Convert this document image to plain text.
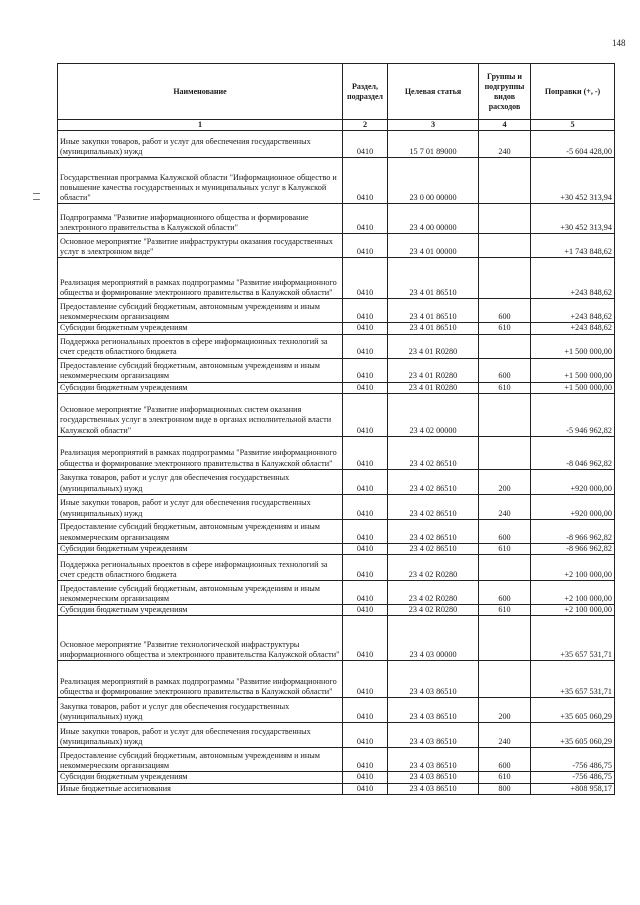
148
Наименование	Раздел, подраздел	Целевая статья	Группы и подгруппы видов расходов	Поправки (+, -)
1	2	3	4	5
Иные закупки товаров, работ и услуг для обеспечения государственных (муниципальных) нужд	0410	15 7 01 89000	240	-5 604 428,00
Государственная программа Калужской области "Информационное общество и повышение качества государственных и муниципальных услуг в Калужской области"	0410	23 0 00 00000		+30 452 313,94
Подпрограмма "Развитие информационного общества и формирование электронного правительства в Калужской области"	0410	23 4 00 00000		+30 452 313,94
Основное мероприятие "Развитие инфраструктуры оказания государственных услуг в электронном виде"	0410	23 4 01 00000		+1 743 848,62
Реализация мероприятий в рамках подпрограммы "Развитие информационного общества и формирование электронного правительства в Калужской области"	0410	23 4 01 86510		+243 848,62
Предоставление субсидий бюджетным, автономным учреждениям и иным некоммерческим организациям	0410	23 4 01 86510	600	+243 848,62
Субсидии бюджетным учреждениям	0410	23 4 01 86510	610	+243 848,62
Поддержка региональных проектов в сфере информационных технологий за счет средств областного бюджета	0410	23 4 01 R0280		+1 500 000,00
Предоставление субсидий бюджетным, автономным учреждениям и иным некоммерческим организациям	0410	23 4 01 R0280	600	+1 500 000,00
Субсидии бюджетным учреждениям	0410	23 4 01 R0280	610	+1 500 000,00
Основное мероприятие "Развитие информационных систем оказания государственных услуг в электронном виде в органах исполнительной власти Калужской области"	0410	23 4 02 00000		-5 946 962,82
Реализация мероприятий в рамках подпрограммы "Развитие информационного общества и формирование электронного правительства в Калужской области"	0410	23 4 02 86510		-8 046 962,82
Закупка товаров, работ и услуг для обеспечения государственных (муниципальных) нужд	0410	23 4 02 86510	200	+920 000,00
Иные закупки товаров, работ и услуг для обеспечения государственных (муниципальных) нужд	0410	23 4 02 86510	240	+920 000,00
Предоставление субсидий бюджетным, автономным учреждениям и иным некоммерческим организациям	0410	23 4 02 86510	600	-8 966 962,82
Субсидии бюджетным учреждениям	0410	23 4 02 86510	610	-8 966 962,82
Поддержка региональных проектов в сфере информационных технологий за счет средств областного бюджета	0410	23 4 02 R0280		+2 100 000,00
Предоставление субсидий бюджетным, автономным учреждениям и иным некоммерческим организациям	0410	23 4 02 R0280	600	+2 100 000,00
Субсидии бюджетным учреждениям	0410	23 4 02 R0280	610	+2 100 000,00
Основное мероприятие "Развитие технологической инфраструктуры информационного общества и электронного правительства Калужской области"	0410	23 4 03 00000		+35 657 531,71
Реализация мероприятий в рамках подпрограммы "Развитие информационного общества и формирование электронного правительства в Калужской области"	0410	23 4 03 86510		+35 657 531,71
Закупка товаров, работ и услуг для обеспечения государственных (муниципальных) нужд	0410	23 4 03 86510	200	+35 605 060,29
Иные закупки товаров, работ и услуг для обеспечения государственных (муниципальных) нужд	0410	23 4 03 86510	240	+35 605 060,29
Предоставление субсидий бюджетным, автономным учреждениям и иным некоммерческим организациям	0410	23 4 03 86510	600	-756 486,75
Субсидии бюджетным учреждениям	0410	23 4 03 86510	610	-756 486,75
Иные бюджетные ассигнования	0410	23 4 03 86510	800	+808 958,17
